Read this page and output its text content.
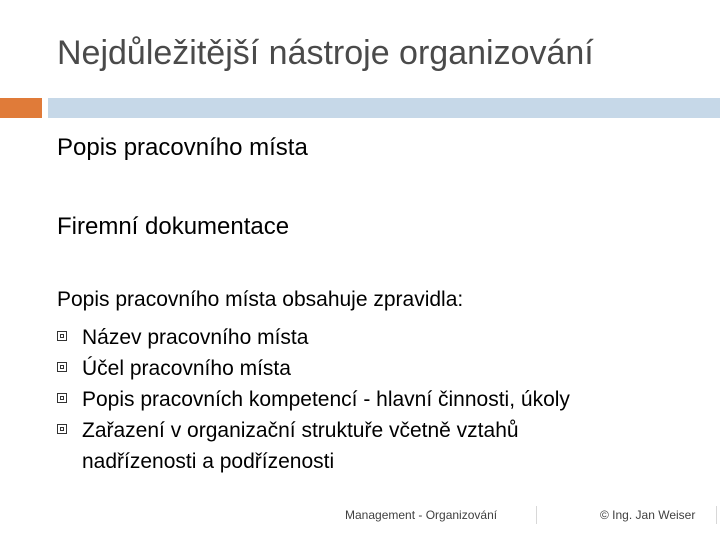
Nejdůležitější nástroje organizování

Popis pracovního místa

Firemní dokumentace

Popis pracovního místa obsahuje zpravidla:

Název pracovního místa
Účel pracovního místa
Popis pracovních kompetencí - hlavní činnosti, úkoly
Zařazení v organizační struktuře včetně vztahů
nadřízenosti a podřízenosti
Management - Organizování	© Ing. Jan Weiser
